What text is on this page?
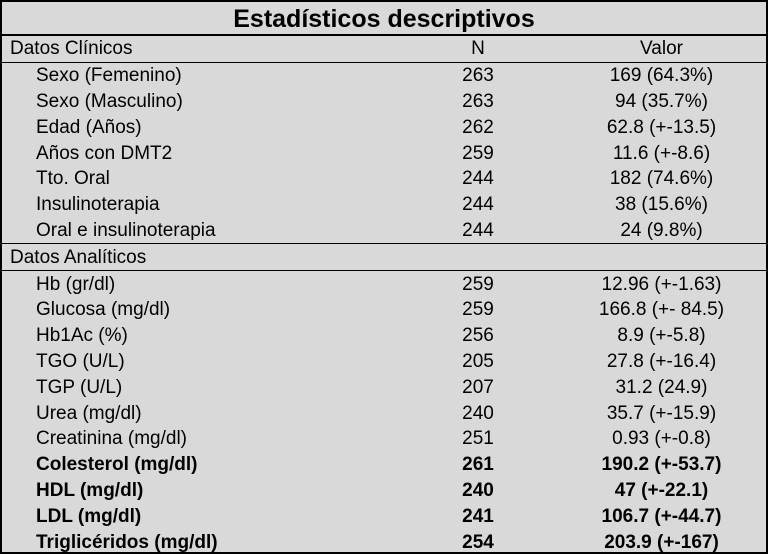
Estadísticos descriptivos
Datos Clínicos	N	Valor
Sexo (Femenino)	263	169 (64.3%)
Sexo (Masculino)	263	94 (35.7%)
Edad (Años)	262	62.8 (+-13.5)
Años con DMT2	259	11.6 (+-8.6)
Tto. Oral	244	182 (74.6%)
Insulinoterapia	244	38 (15.6%)
Oral e insulinoterapia	244	24 (9.8%)
Datos Analíticos		
Hb (gr/dl)	259	12.96 (+-1.63)
Glucosa (mg/dl)	259	166.8 (+- 84.5)
Hb1Ac (%)	256	8.9 (+-5.8)
TGO (U/L)	205	27.8 (+-16.4)
TGP (U/L)	207	31.2 (24.9)
Urea (mg/dl)	240	35.7 (+-15.9)
Creatinina (mg/dl)	251	0.93 (+-0.8)
Colesterol (mg/dl)	261	190.2 (+-53.7)
HDL (mg/dl)	240	47 (+-22.1)
LDL (mg/dl)	241	106.7 (+-44.7)
Triglicéridos (mg/dl)	254	203.9 (+-167)
